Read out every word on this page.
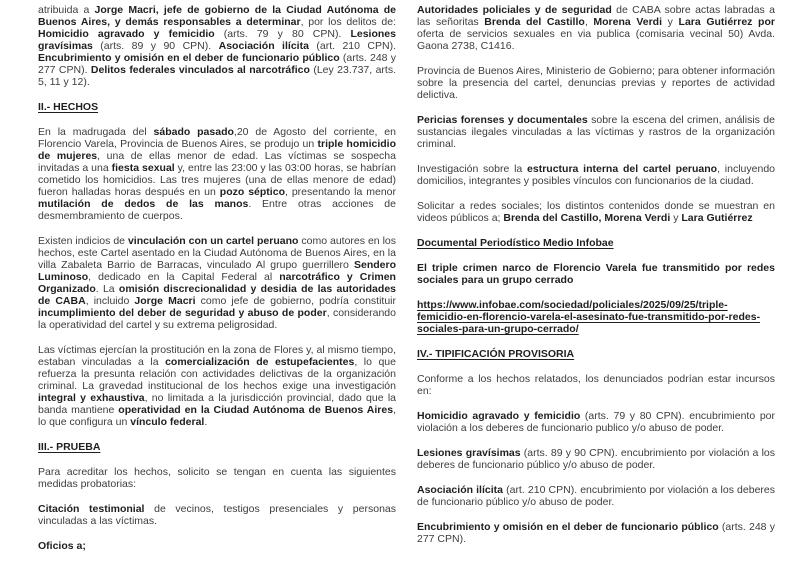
atribuida a Jorge Macri, jefe de gobierno de la Ciudad Autónoma de Buenos Aires, y demás responsables a determinar, por los delitos de: Homicidio agravado y femicidio (arts. 79 y 80 CPN). Lesiones gravísimas (arts. 89 y 90 CPN). Asociación ilícita (art. 210 CPN). Encubrimiento y omisión en el deber de funcionario público (arts. 248 y 277 CPN). Delitos federales vinculados al narcotráfico (Ley 23.737, arts. 5, 11 y 12).

II.- HECHOS

En la madrugada del sábado pasado,20 de Agosto del corriente, en Florencio Varela, Provincia de Buenos Aires, se produjo un triple homicidio de mujeres, una de ellas menor de edad. Las víctimas se sospecha invitadas a una fiesta sexual y, entre las 23:00 y las 03:00 horas, se habrían cometido los homicidios. Las tres mujeres (una de ellas menore de edad) fueron halladas horas después en un pozo séptico, presentando la menor mutilación de dedos de las manos. Entre otras acciones de desmembramiento de cuerpos.

Existen indicios de vinculación con un cartel peruano como autores en los hechos, este Cartel asentado en la Ciudad Autónoma de Buenos Aires, en la villa Zabaleta Barrio de Barracas, vinculado Al grupo guerrillero Sendero Luminoso, dedicado en la Capital Federal al narcotráfico y Crimen Organizado. La omisión discrecionalidad y desidia de las autoridades de CABA, incluido Jorge Macri como jefe de gobierno, podría constituir incumplimiento del deber de seguridad y abuso de poder, considerando la operatividad del cartel y su extrema peligrosidad.

Las víctimas ejercían la prostitución en la zona de Flores y, al mismo tiempo, estaban vinculadas a la comercialización de estupefacientes, lo que refuerza la presunta relación con actividades delictivas de la organización criminal. La gravedad institucional de los hechos exige una investigación integral y exhaustiva, no limitada a la jurisdicción provincial, dado que la banda mantiene operatividad en la Ciudad Autónoma de Buenos Aires, lo que configura un vínculo federal.

III.- PRUEBA

Para acreditar los hechos, solicito se tengan en cuenta las siguientes medidas probatorias:

Citación testimonial de vecinos, testigos presenciales y personas vinculadas a las víctimas.

Oficios a;

Autoridades policiales y de seguridad de CABA sobre actas labradas a las señoritas Brenda del Castillo, Morena Verdi y Lara Gutiérrez por oferta de servicios sexuales en via publica (comisaria vecinal 50) Avda. Gaona 2738, C1416.

Provincia de Buenos Aires, Ministerio de Gobierno; para obtener información sobre la presencia del cartel, denuncias previas y reportes de actividad delictiva.

Pericias forenses y documentales sobre la escena del crimen, análisis de sustancias ilegales vinculadas a las víctimas y rastros de la organización criminal.

Investigación sobre la estructura interna del cartel peruano, incluyendo domicilios, integrantes y posibles vínculos con funcionarios de la ciudad.

Solicitar a redes sociales; los distintos contenidos donde se muestran en videos públicos a; Brenda del Castillo, Morena Verdi y Lara Gutiérrez

Documental Periodístico Medio Infobae

El triple crimen narco de Florencio Varela fue transmitido por redes sociales para un grupo cerrado

https://www.infobae.com/sociedad/policiales/2025/09/25/triple-femicidio-en-florencio-varela-el-asesinato-fue-transmitido-por-redes-sociales-para-un-grupo-cerrado/

IV.- TIPIFICACIÓN PROVISORIA

Conforme a los hechos relatados, los denunciados podrían estar incursos en:

Homicidio agravado y femicidio (arts. 79 y 80 CPN). encubrimiento por violación a los deberes de funcionario publico y/o abuso de poder.

Lesiones gravísimas (arts. 89 y 90 CPN). encubrimiento por violación a los deberes de funcionario público y/o abuso de poder.

Asociación ilícita (art. 210 CPN). encubrimiento por violación a los deberes de funcionario público y/o abuso de poder.

Encubrimiento y omisión en el deber de funcionario público (arts. 248 y 277 CPN).
